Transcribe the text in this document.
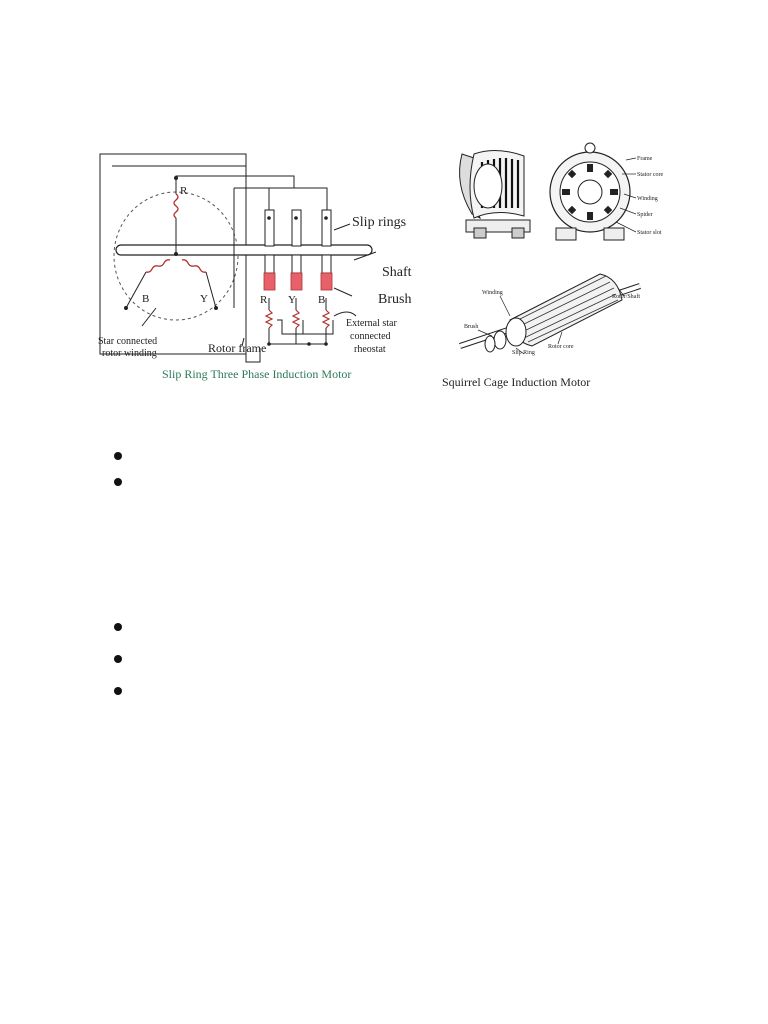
R
B	Y	R Y B
Slip rings
Shaft
Brush
External star
connected
rheostat
Rotor frame
Star connected
rotor winding
Slip Ring Three Phase Induction Motor
Frame
Stator core
Winding
Spider
Stator slot
Winding
Rotor/Shaft
Brush
Slip Ring
Rotor core
Squirrel Cage Induction Motor
